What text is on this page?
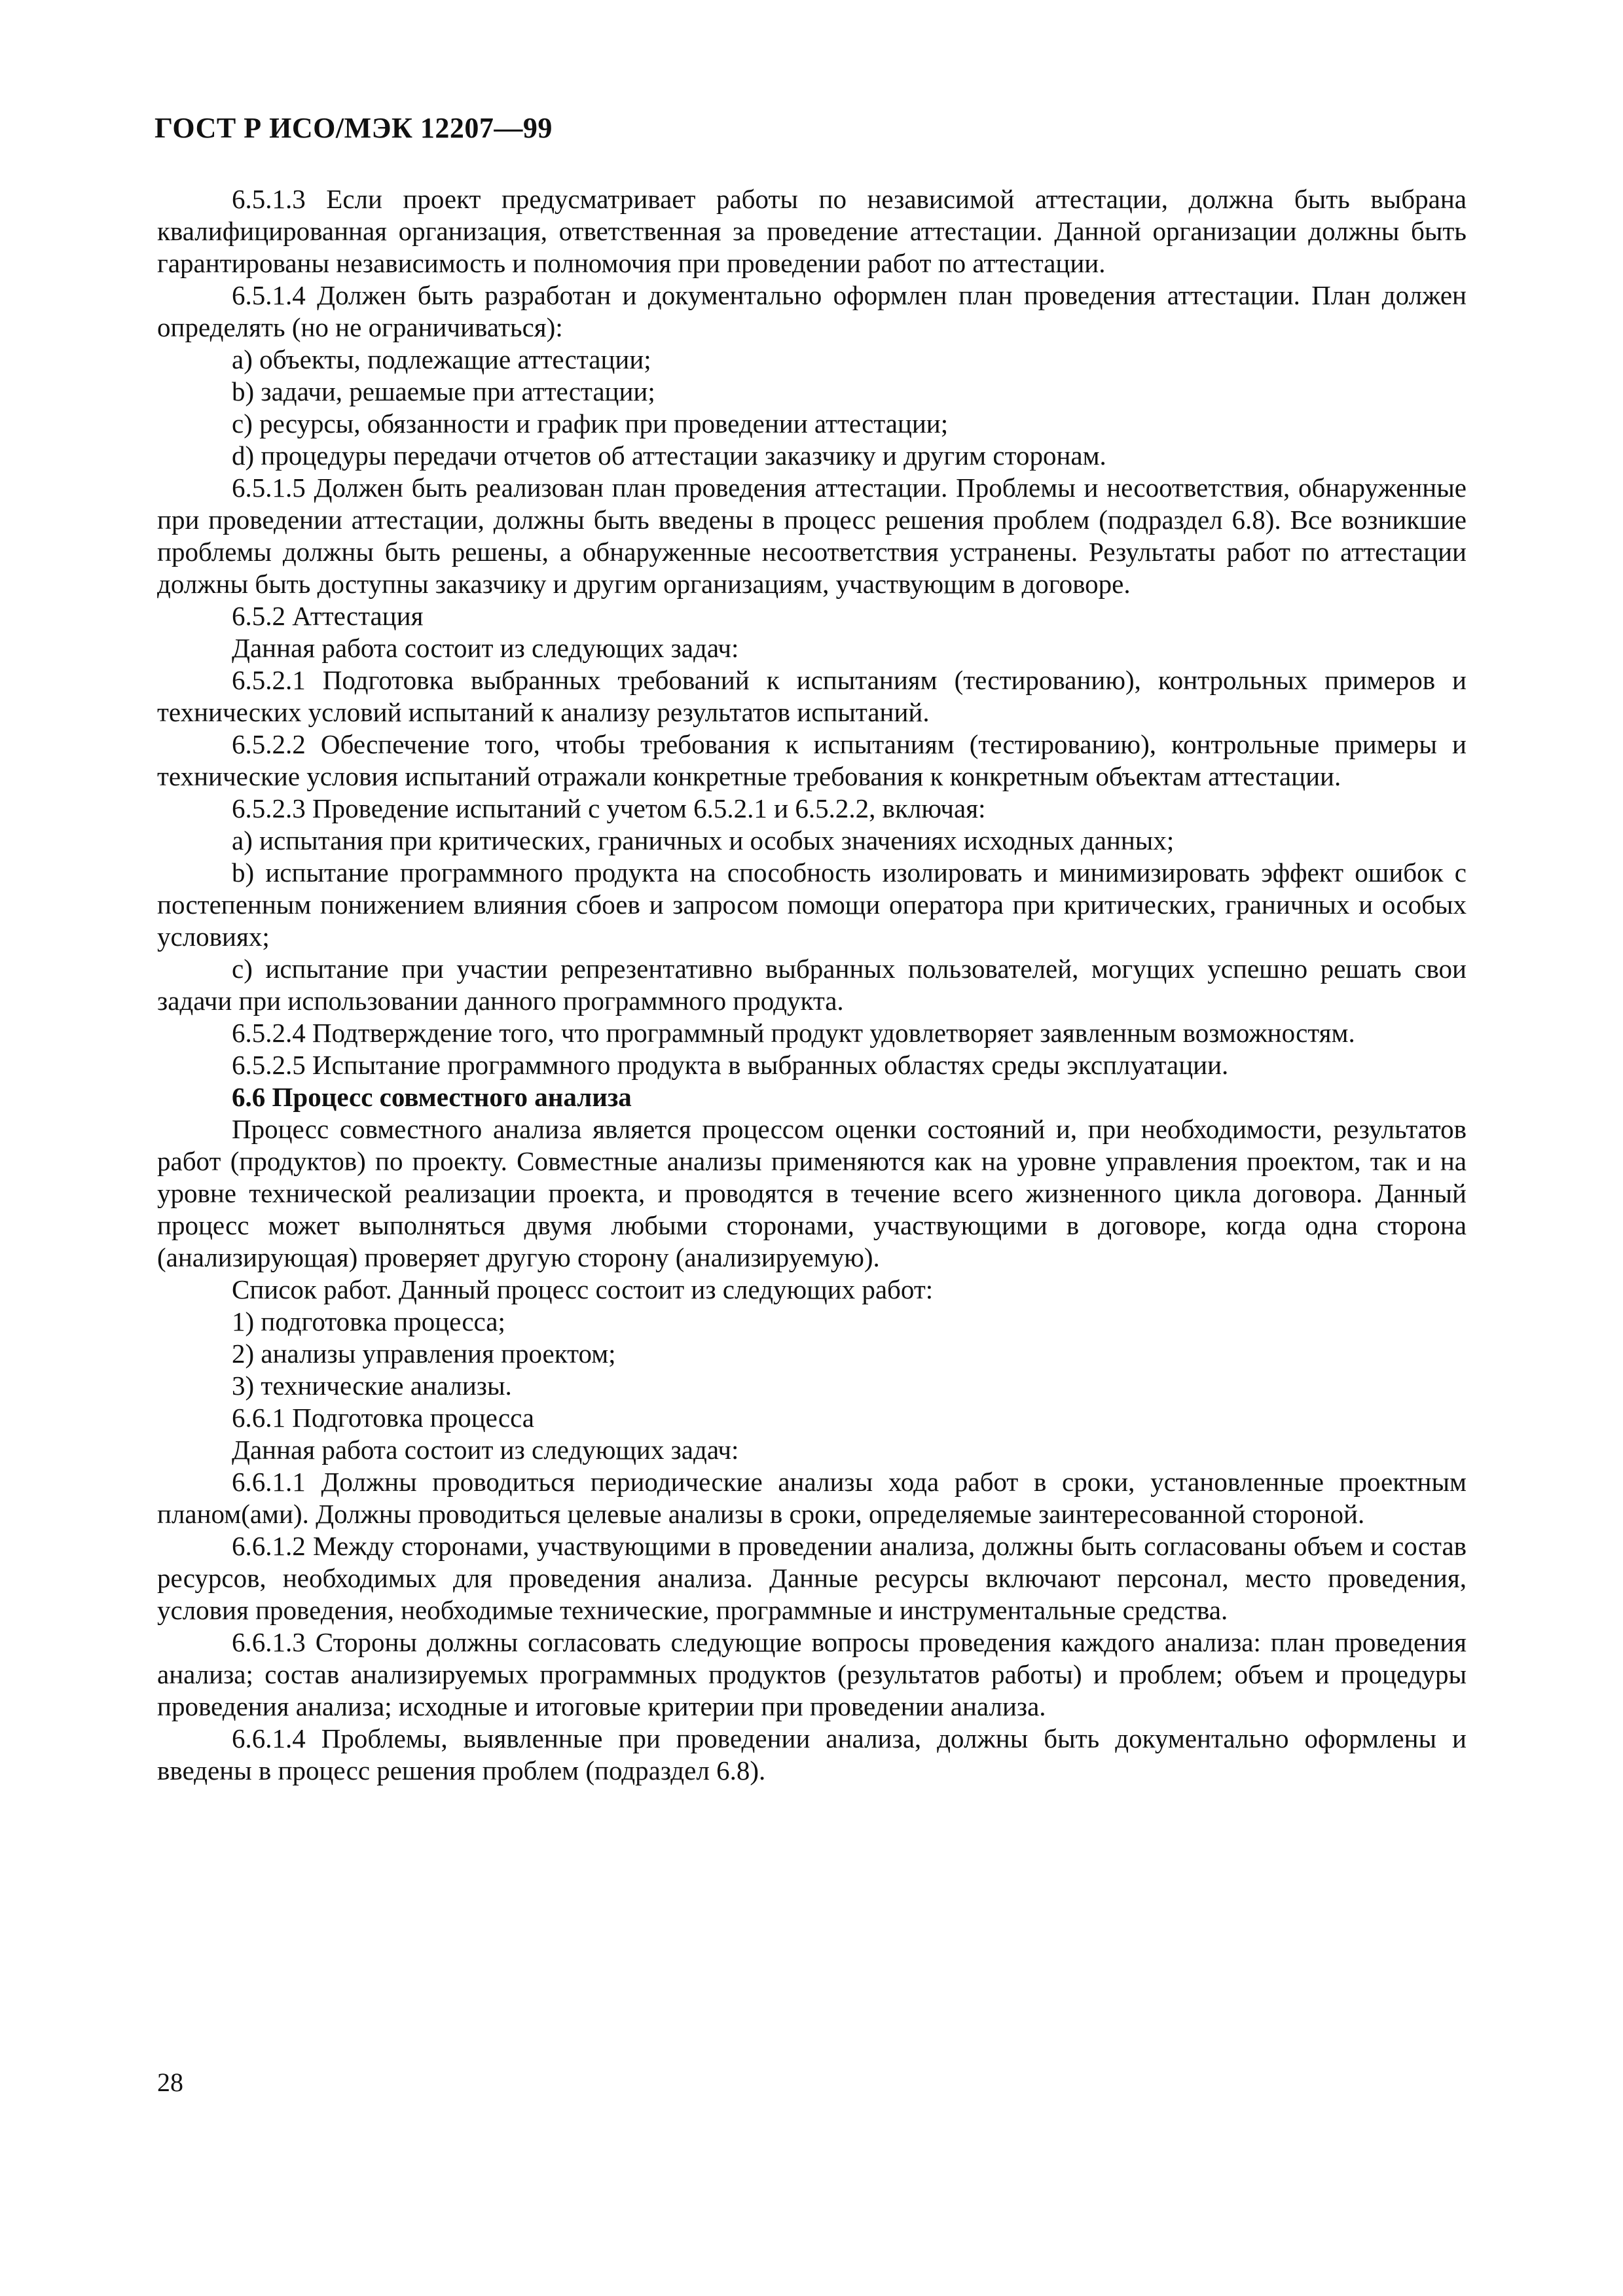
ГОСТ Р ИСО/МЭК 12207—99

6.5.1.3 Если проект предусматривает работы по независимой аттестации, должна быть выбрана квалифицированная организация, ответственная за проведение аттестации. Данной организации должны быть гарантированы независимость и полномочия при проведении работ по аттестации.

6.5.1.4 Должен быть разработан и документально оформлен план проведения аттестации. План должен определять (но не ограничиваться):

a) объекты, подлежащие аттестации;

b) задачи, решаемые при аттестации;

c) ресурсы, обязанности и график при проведении аттестации;

d) процедуры передачи отчетов об аттестации заказчику и другим сторонам.

6.5.1.5 Должен быть реализован план проведения аттестации. Проблемы и несоответствия, обнаруженные при проведении аттестации, должны быть введены в процесс решения проблем (подраздел 6.8). Все возникшие проблемы должны быть решены, а обнаруженные несоответствия устранены. Результаты работ по аттестации должны быть доступны заказчику и другим организациям, участвующим в договоре.

6.5.2 Аттестация

Данная работа состоит из следующих задач:

6.5.2.1 Подготовка выбранных требований к испытаниям (тестированию), контрольных примеров и технических условий испытаний к анализу результатов испытаний.

6.5.2.2 Обеспечение того, чтобы требования к испытаниям (тестированию), контрольные примеры и технические условия испытаний отражали конкретные требования к конкретным объектам аттестации.

6.5.2.3 Проведение испытаний с учетом 6.5.2.1 и 6.5.2.2, включая:

a) испытания при критических, граничных и особых значениях исходных данных;

b) испытание программного продукта на способность изолировать и минимизировать эффект ошибок с постепенным понижением влияния сбоев и запросом помощи оператора при критических, граничных и особых условиях;

c) испытание при участии репрезентативно выбранных пользователей, могущих успешно решать свои задачи при использовании данного программного продукта.

6.5.2.4 Подтверждение того, что программный продукт удовлетворяет заявленным возможностям.

6.5.2.5 Испытание программного продукта в выбранных областях среды эксплуатации.

6.6 Процесс совместного анализа

Процесс совместного анализа является процессом оценки состояний и, при необходимости, результатов работ (продуктов) по проекту. Совместные анализы применяются как на уровне управления проектом, так и на уровне технической реализации проекта, и проводятся в течение всего жизненного цикла договора. Данный процесс может выполняться двумя любыми сторонами, участвующими в договоре, когда одна сторона (анализирующая) проверяет другую сторону (анализируемую).

Список работ. Данный процесс состоит из следующих работ:

1) подготовка процесса;

2) анализы управления проектом;

3) технические анализы.

6.6.1 Подготовка процесса

Данная работа состоит из следующих задач:

6.6.1.1 Должны проводиться периодические анализы хода работ в сроки, установленные проектным планом(ами). Должны проводиться целевые анализы в сроки, определяемые заинтересованной стороной.

6.6.1.2 Между сторонами, участвующими в проведении анализа, должны быть согласованы объем и состав ресурсов, необходимых для проведения анализа. Данные ресурсы включают персонал, место проведения, условия проведения, необходимые технические, программные и инструментальные средства.

6.6.1.3 Стороны должны согласовать следующие вопросы проведения каждого анализа: план проведения анализа; состав анализируемых программных продуктов (результатов работы) и проблем; объем и процедуры проведения анализа; исходные и итоговые критерии при проведении анализа.

6.6.1.4 Проблемы, выявленные при проведении анализа, должны быть документально оформлены и введены в процесс решения проблем (подраздел 6.8).

28
